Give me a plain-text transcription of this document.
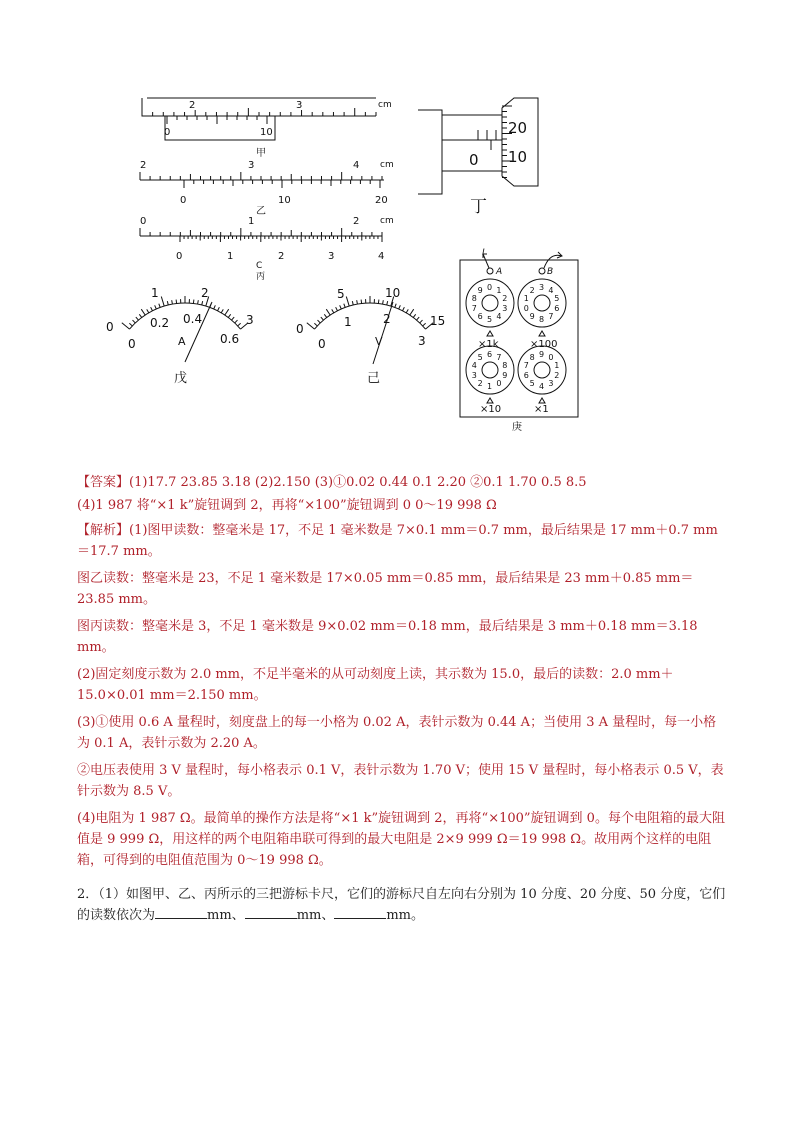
0 1
2
3
4
5
6
7
8
9	3 4
5
6
7
8
9
0
1
2
6 7
8
9
0
1
2
3
4
5	9 0
1
2
3
4
5
6
7
8
0	10
2	3	cm
甲
2	3	4 cm
0	10	20
乙
0	1	2 cm
0	1	2	3	4
C
丙
0
20
10
丁
0
1	2
3
0
0.2 0.4
0.6
A
戊
0
5	10
15
0
1	2
3
V
己
A	B
I
×1k	×100
×10	×1
庚
【答案】(1)17.7 23.85 3.18 (2)2.150 (3)①0.02 0.44 0.1 2.20 ②0.1 1.70 0.5 8.5
(4)1 987 将“×1 k”旋钮调到 2，再将“×100”旋钮调到 0 0～19 998 Ω
【解析】(1)图甲读数：整毫米是 17，不足 1 毫米数是 7×0.1 mm＝0.7 mm，最后结果是 17 mm＋0.7 mm＝17.7 mm。
图乙读数：整毫米是 23，不足 1 毫米数是 17×0.05 mm＝0.85 mm，最后结果是 23 mm＋0.85 mm＝23.85 mm。
图丙读数：整毫米是 3，不足 1 毫米数是 9×0.02 mm＝0.18 mm，最后结果是 3 mm＋0.18 mm＝3.18 mm。
(2)固定刻度示数为 2.0 mm，不足半毫米的从可动刻度上读，其示数为 15.0，最后的读数：2.0 mm＋15.0×0.01 mm＝2.150 mm。
(3)①使用 0.6 A 量程时，刻度盘上的每一小格为 0.02 A，表针示数为 0.44 A；当使用 3 A 量程时，每一小格为 0.1 A，表针示数为 2.20 A。
②电压表使用 3 V 量程时，每小格表示 0.1 V，表针示数为 1.70 V；使用 15 V 量程时，每小格表示 0.5 V，表针示数为 8.5 V。
(4)电阻为 1 987 Ω。最简单的操作方法是将“×1 k”旋钮调到 2，再将“×100”旋钮调到 0。每个电阻箱的最大阻值是 9 999 Ω，用这样的两个电阻箱串联可得到的最大电阻是 2×9 999 Ω＝19 998 Ω。故用两个这样的电阻箱，可得到的电阻值范围为 0～19 998 Ω。
2．（1）如图甲、乙、丙所示的三把游标卡尺，它们的游标尺自左向右分别为 10 分度、20 分度、50 分度，它们的读数依次为	mm、	mm、	mm。
